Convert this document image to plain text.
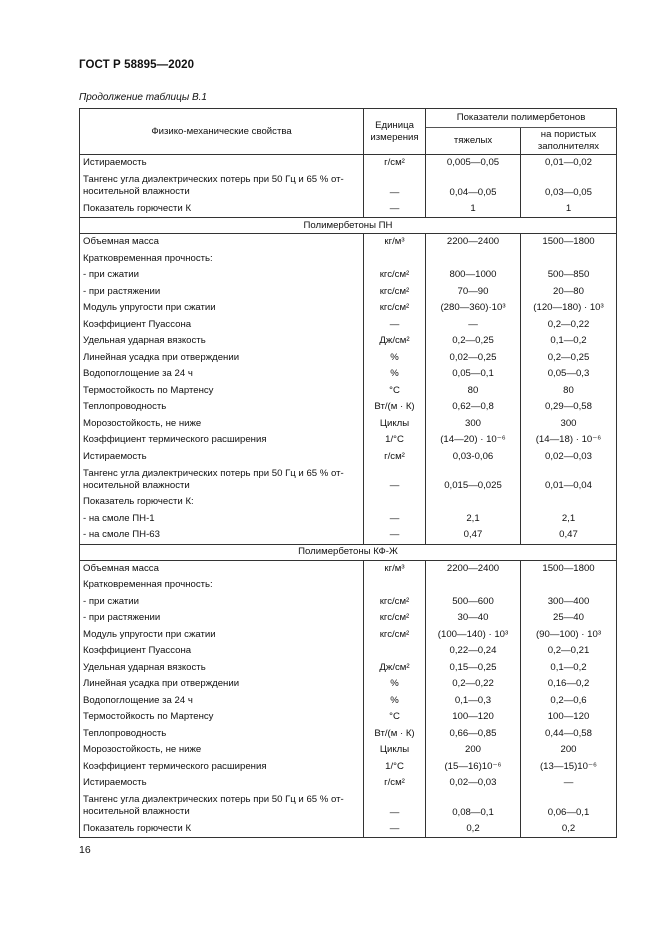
ГОСТ Р 58895—2020
Продолжение таблицы В.1
Физико-механические свойства	Единица измерения	Показатели полимербетонов	
		тяжелых	на пористых заполнителях
Истираемость	г/см²	0,005—0,05	0,01—0,02
Тангенс угла диэлектрических потерь при 50 Гц и 65 % от-носительной влажности	—	0,04—0,05	0,03—0,05
Показатель горючести К	—	1	1
Полимербетоны ПН			
Объемная масса	кг/м³	2200—2400	1500—1800
Кратковременная прочность:			
- при сжатии	кгс/см²	800—1000	500—850
- при растяжении	кгс/см²	70—90	20—80
Модуль упругости при сжатии	кгс/см²	(280—360)·10³	(120—180) · 10³
Коэффициент Пуассона	—	—	0,2—0,22
Удельная ударная вязкость	Дж/см²	0,2—0,25	0,1—0,2
Линейная усадка при отверждении	%	0,02—0,25	0,2—0,25
Водопоглощение за 24 ч	%	0,05—0,1	0,05—0,3
Термостойкость по Мартенсу	°С	80	80
Теплопроводность	Вт/(м · К)	0,62—0,8	0,29—0,58
Морозостойкость, не ниже	Циклы	300	300
Коэффициент термического расширения	1/°С	(14—20) · 10⁻⁶	(14—18) · 10⁻⁶
Истираемость	г/см²	0,03-0,06	0,02—0,03
Тангенс угла диэлектрических потерь при 50 Гц и 65 % от-носительной влажности	—	0,015—0,025	0,01—0,04
Показатель горючести К:			
- на смоле ПН-1	—	2,1	2,1
- на смоле ПН-63	—	0,47	0,47
Полимербетоны КФ-Ж			
Объемная масса	кг/м³	2200—2400	1500—1800
Кратковременная прочность:			
- при сжатии	кгс/см²	500—600	300—400
- при растяжении	кгс/см²	30—40	25—40
Модуль упругости при сжатии	кгс/см²	(100—140) · 10³	(90—100) · 10³
Коэффициент Пуассона		0,22—0,24	0,2—0,21
Удельная ударная вязкость	Дж/см²	0,15—0,25	0,1—0,2
Линейная усадка при отверждении	%	0,2—0,22	0,16—0,2
Водопоглощение за 24 ч	%	0,1—0,3	0,2—0,6
Термостойкость по Мартенсу	°С	100—120	100—120
Теплопроводность	Вт/(м · К)	0,66—0,85	0,44—0,58
Морозостойкость, не ниже	Циклы	200	200
Коэффициент термического расширения	1/°С	(15—16)10⁻⁶	(13—15)10⁻⁶
Истираемость	г/см²	0,02—0,03	—
Тангенс угла диэлектрических потерь при 50 Гц и 65 % от-носительной влажности	—	0,08—0,1	0,06—0,1
Показатель горючести К	—	0,2	0,2
16
